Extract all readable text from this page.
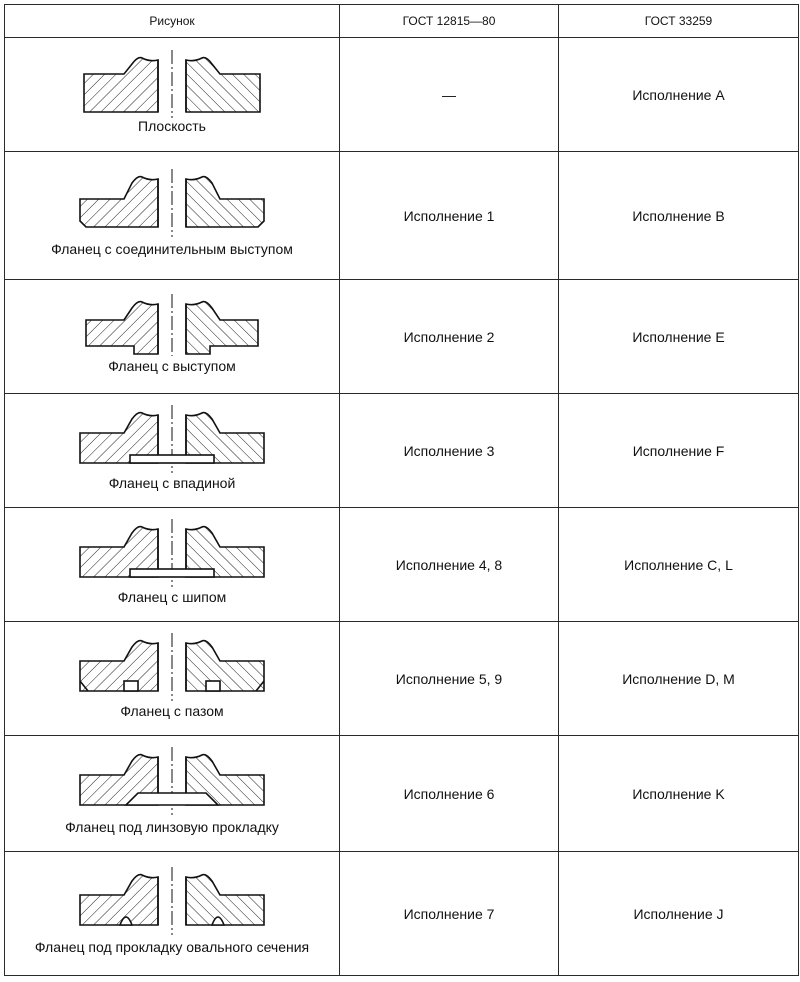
Рисунок	ГОСТ 12815—80	ГОСТ 33259

Плоскость	—	Исполнение A

Фланец с соединительным выступом	Исполнение 1	Исполнение B

Фланец с выступом	Исполнение 2	Исполнение E

Фланец с впадиной	Исполнение 3	Исполнение F

Фланец с шипом	Исполнение 4, 8	Исполнение C, L

Фланец с пазом	Исполнение 5, 9	Исполнение D, M

Фланец под линзовую прокладку	Исполнение 6	Исполнение K

Фланец под прокладку овального сечения	Исполнение 7	Исполнение J
